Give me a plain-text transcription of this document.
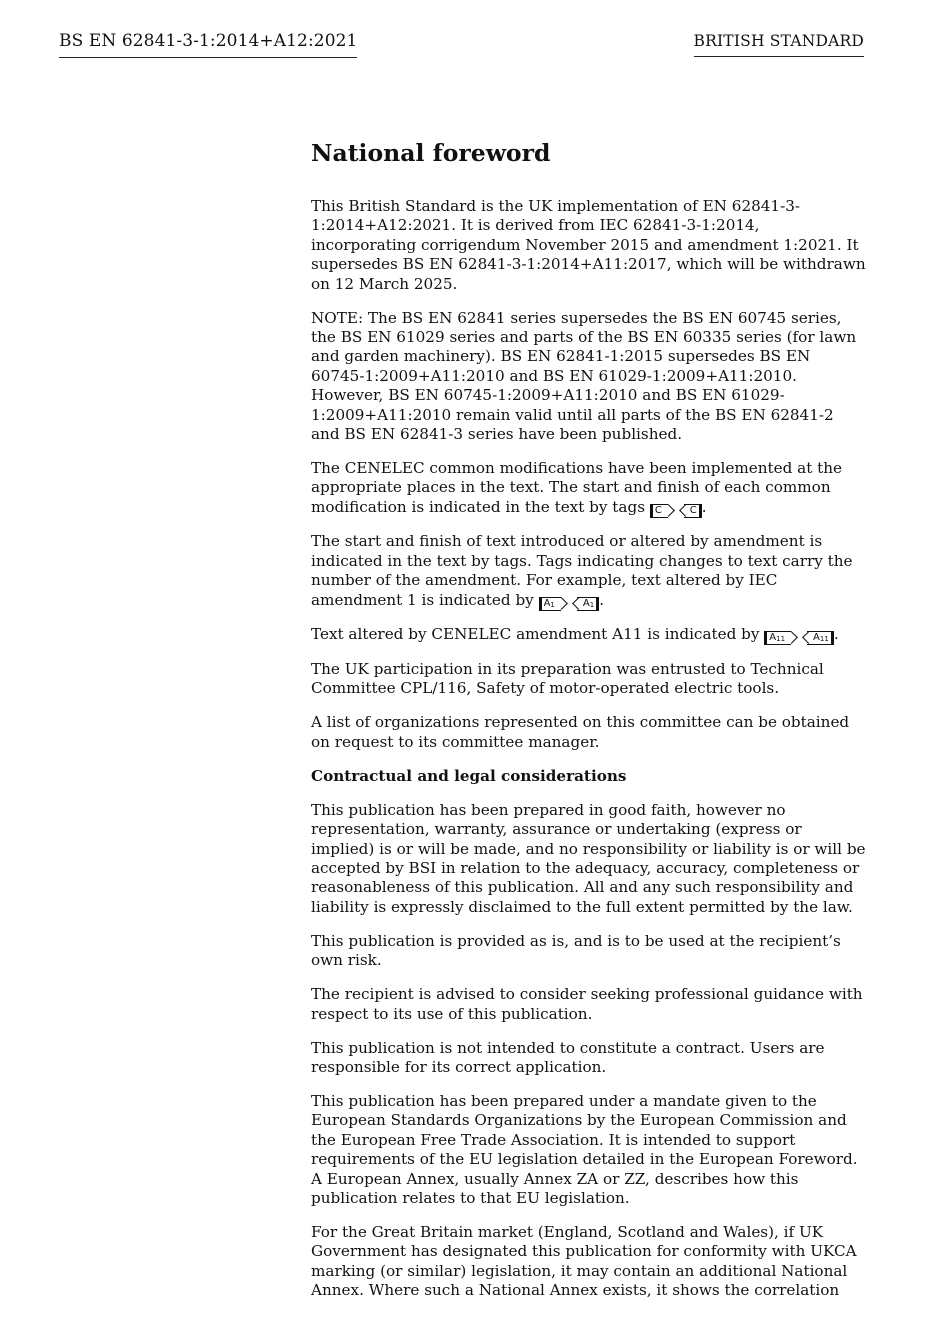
BS EN 62841-3-1:2014+A12:2021	BRITISH STANDARD
National foreword

This British Standard is the UK implementation of EN 62841-3-1:2014+A12:2021. It is derived from IEC 62841-3-1:2014, incorporating corrigendum November 2015 and amendment 1:2021. It supersedes BS EN 62841-3-1:2014+A11:2017, which will be withdrawn on 12 March 2025.

NOTE: The BS EN 62841 series supersedes the BS EN 60745 series, the BS EN 61029 series and parts of the BS EN 60335 series (for lawn and garden machinery). BS EN 62841-1:2015 supersedes BS EN 60745-1:2009+A11:2010 and BS EN 61029-1:2009+A11:2010. However, BS EN 60745-1:2009+A11:2010 and BS EN 61029-1:2009+A11:2010 remain valid until all parts of the BS EN 62841-2 and BS EN 62841-3 series have been published.

The CENELEC common modifications have been implemented at the appropriate places in the text. The start and finish of each common modification is indicated in the text by tags C	C .

The start and finish of text introduced or altered by amendment is indicated in the text by tags. Tags indicating changes to text carry the number of the amendment. For example, text altered by IEC amendment 1 is indicated by $A_1$	$A_1$ .

Text altered by CENELEC amendment A11 is indicated by $A_{11}$	$A_{11}$ .

The UK participation in its preparation was entrusted to Technical Committee CPL/116, Safety of motor-operated electric tools.

A list of organizations represented on this committee can be obtained on request to its committee manager.

Contractual and legal considerations

This publication has been prepared in good faith, however no representation, warranty, assurance or undertaking (express or implied) is or will be made, and no responsibility or liability is or will be accepted by BSI in relation to the adequacy, accuracy, completeness or reasonableness of this publication. All and any such responsibility and liability is expressly disclaimed to the full extent permitted by the law.

This publication is provided as is, and is to be used at the recipient’s own risk.

The recipient is advised to consider seeking professional guidance with respect to its use of this publication.

This publication is not intended to constitute a contract. Users are responsible for its correct application.

This publication has been prepared under a mandate given to the European Standards Organizations by the European Commission and the European Free Trade Association. It is intended to support requirements of the EU legislation detailed in the European Foreword. A European Annex, usually Annex ZA or ZZ, describes how this publication relates to that EU legislation.

For the Great Britain market (England, Scotland and Wales), if UK Government has designated this publication for conformity with UKCA marking (or similar) legislation, it may contain an additional National Annex. Where such a National Annex exists, it shows the correlation
